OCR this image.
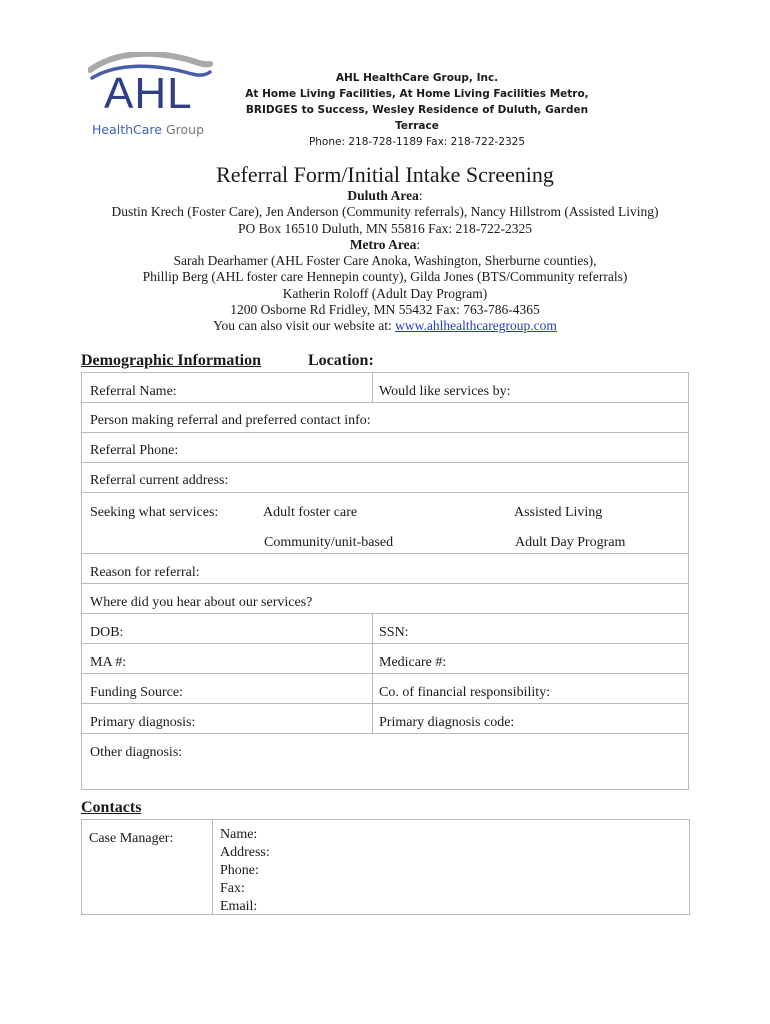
AHL
HealthCare Group
AHL HealthCare Group, Inc.
At Home Living Facilities, At Home Living Facilities Metro,
BRIDGES to Success, Wesley Residence of Duluth, Garden Terrace
Phone: 218-728-1189 Fax: 218-722-2325
Referral Form/Initial Intake Screening
Duluth Area:
Dustin Krech (Foster Care), Jen Anderson (Community referrals), Nancy Hillstrom (Assisted Living)
PO Box 16510 Duluth, MN 55816 Fax: 218-722-2325
Metro Area:
Sarah Dearhamer (AHL Foster Care Anoka, Washington, Sherburne counties),
Phillip Berg (AHL foster care Hennepin county), Gilda Jones (BTS/Community referrals)
Katherin Roloff (Adult Day Program)
1200 Osborne Rd Fridley, MN 55432 Fax: 763-786-4365
You can also visit our website at: www.ahlhealthcaregroup.com
Demographic Information	Location:
Referral Name:	Would like services by:
Person making referral and preferred contact info:
Referral Phone:
Referral current address:
Seeking what services:	Adult foster care	Assisted Living
Community/unit-based	Adult Day Program
Reason for referral:
Where did you hear about our services?
DOB:	SSN:
MA #:	Medicare #:
Funding Source:	Co. of financial responsibility:
Primary diagnosis:	Primary diagnosis code:
Other diagnosis:
Contacts
Case Manager:	Name:
Address:
Phone:
Fax:
Email:
